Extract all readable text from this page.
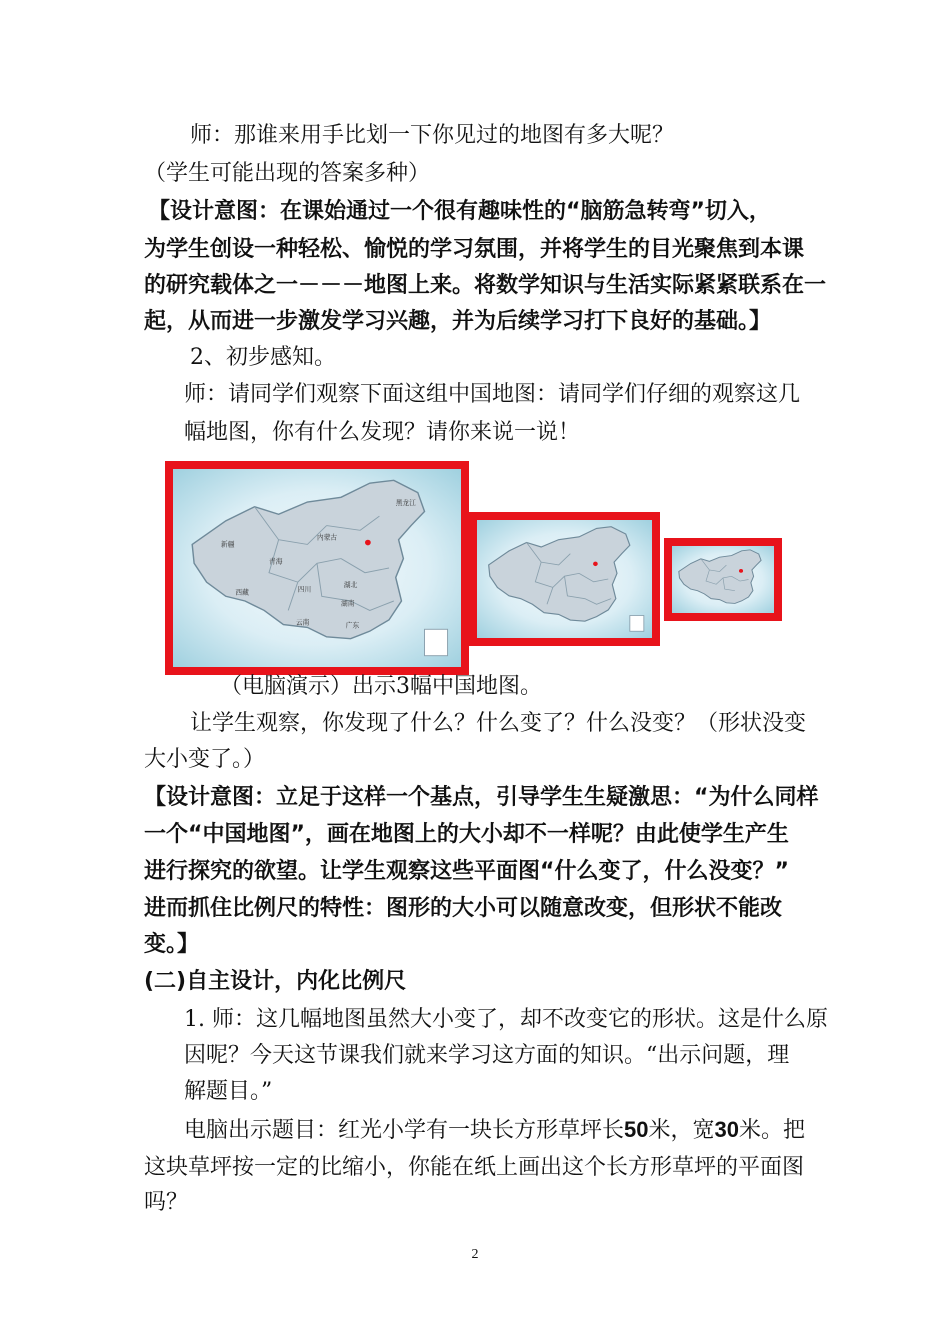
师：那谁来用手比划一下你见过的地图有多大呢？
（学生可能出现的答案多种）
【设计意图：在课始通过一个很有趣味性的“脑筋急转弯”切入，
为学生创设一种轻松、愉悦的学习氛围，并将学生的目光聚焦到本课
的研究载体之一－－－地图上来。将数学知识与生活实际紧紧联系在一
起，从而进一步激发学习兴趣，并为后续学习打下良好的基础。】
2、初步感知。
师：请同学们观察下面这组中国地图：请同学们仔细的观察这几
幅地图，你有什么发现？请你来说一说！
新疆
西藏
青海
内蒙古
黑龙江
四川
云南	广东
湖北
湖南
（电脑演示）出示3幅中国地图。
让学生观察，你发现了什么？什么变了？什么没变？（形状没变
大小变了。）
【设计意图：立足于这样一个基点，引导学生生疑激思：“为什么同样
一个“中国地图”，画在地图上的大小却不一样呢？由此使学生产生
进行探究的欲望。让学生观察这些平面图“什么变了，什么没变？”
进而抓住比例尺的特性：图形的大小可以随意改变，但形状不能改
变。】
(二)自主设计，内化比例尺
1. 师：这几幅地图虽然大小变了，却不改变它的形状。这是什么原
因呢？今天这节课我们就来学习这方面的知识。“出示问题，理
解题目。”
电脑出示题目：红光小学有一块长方形草坪长50米，宽30米。把
这块草坪按一定的比缩小，你能在纸上画出这个长方形草坪的平面图
吗？
2
